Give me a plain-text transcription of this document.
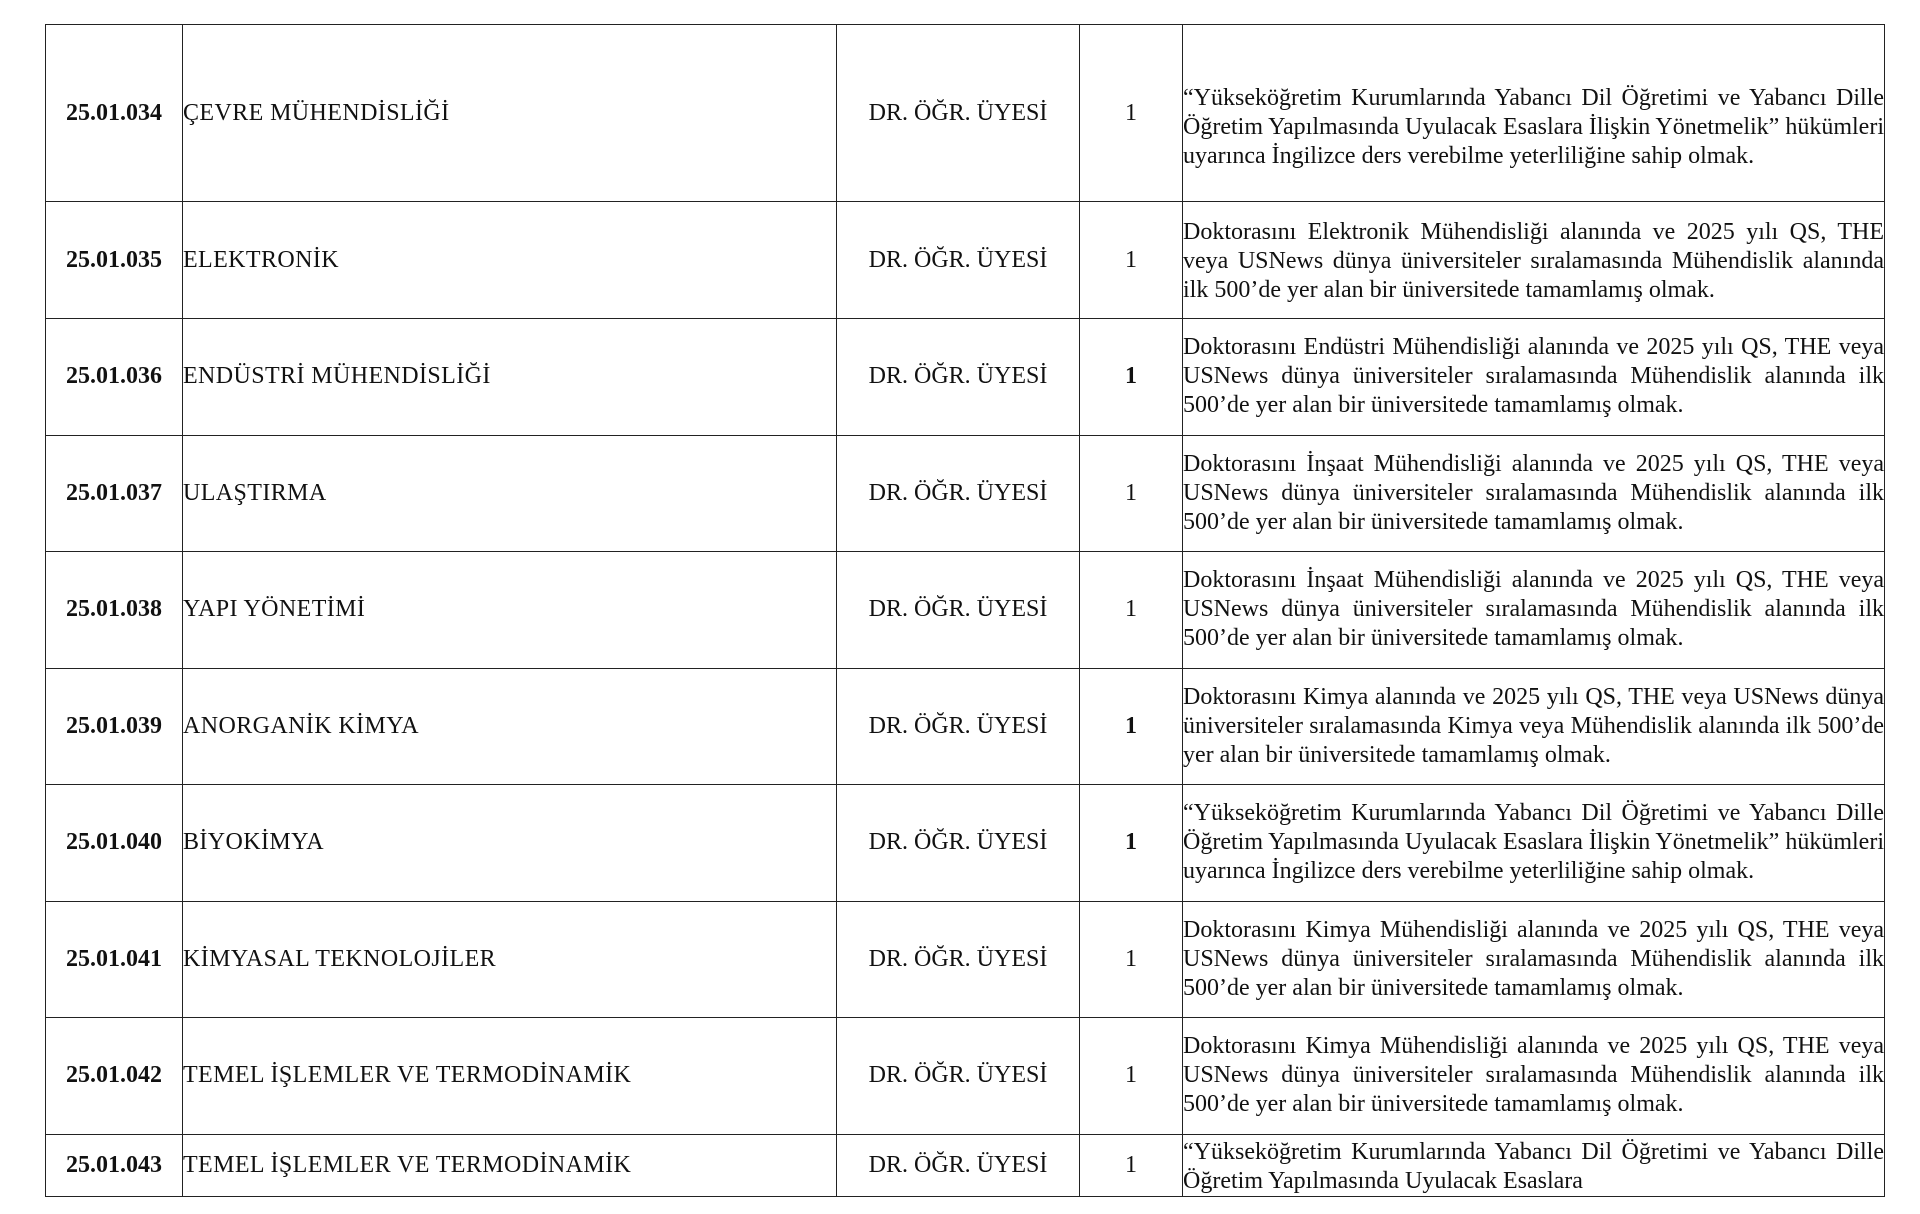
25.01.034	ÇEVRE MÜHENDİSLİĞİ	DR. ÖĞR. ÜYESİ	1	“Yükseköğretim Kurumlarında Yabancı Dil Öğretimi ve Yabancı Dille Öğretim Yapılmasında Uyulacak Esaslara İlişkin Yönetmelik” hükümleri uyarınca İngilizce ders verebilme yeterliliğine sahip olmak.

25.01.035	ELEKTRONİK	DR. ÖĞR. ÜYESİ	1	Doktorasını Elektronik Mühendisliği alanında ve 2025 yılı QS, THE veya USNews dünya üniversiteler sıralamasında Mühendislik alanında ilk 500’de yer alan bir üniversitede tamamlamış olmak.

25.01.036	ENDÜSTRİ MÜHENDİSLİĞİ	DR. ÖĞR. ÜYESİ	1	Doktorasını Endüstri Mühendisliği alanında ve 2025 yılı QS, THE veya USNews dünya üniversiteler sıralamasında Mühendislik alanında ilk 500’de yer alan bir üniversitede tamamlamış olmak.

25.01.037	ULAŞTIRMA	DR. ÖĞR. ÜYESİ	1	Doktorasını İnşaat Mühendisliği alanında ve 2025 yılı QS, THE veya USNews dünya üniversiteler sıralamasında Mühendislik alanında ilk 500’de yer alan bir üniversitede tamamlamış olmak.

25.01.038	YAPI YÖNETİMİ	DR. ÖĞR. ÜYESİ	1	Doktorasını İnşaat Mühendisliği alanında ve 2025 yılı QS, THE veya USNews dünya üniversiteler sıralamasında Mühendislik alanında ilk 500’de yer alan bir üniversitede tamamlamış olmak.

25.01.039	ANORGANİK KİMYA	DR. ÖĞR. ÜYESİ	1	Doktorasını Kimya alanında ve 2025 yılı QS, THE veya USNews dünya üniversiteler sıralamasında Kimya veya Mühendislik alanında ilk 500’de yer alan bir üniversitede tamamlamış olmak.

25.01.040	BİYOKİMYA	DR. ÖĞR. ÜYESİ	1	“Yükseköğretim Kurumlarında Yabancı Dil Öğretimi ve Yabancı Dille Öğretim Yapılmasında Uyulacak Esaslara İlişkin Yönetmelik” hükümleri uyarınca İngilizce ders verebilme yeterliliğine sahip olmak.

25.01.041	KİMYASAL TEKNOLOJİLER	DR. ÖĞR. ÜYESİ	1	Doktorasını Kimya Mühendisliği alanında ve 2025 yılı QS, THE veya USNews dünya üniversiteler sıralamasında Mühendislik alanında ilk 500’de yer alan bir üniversitede tamamlamış olmak.

25.01.042	TEMEL İŞLEMLER VE TERMODİNAMİK	DR. ÖĞR. ÜYESİ	1	Doktorasını Kimya Mühendisliği alanında ve 2025 yılı QS, THE veya USNews dünya üniversiteler sıralamasında Mühendislik alanında ilk 500’de yer alan bir üniversitede tamamlamış olmak.

25.01.043	TEMEL İŞLEMLER VE TERMODİNAMİK	DR. ÖĞR. ÜYESİ	1	“Yükseköğretim Kurumlarında Yabancı Dil Öğretimi ve Yabancı Dille Öğretim Yapılmasında Uyulacak Esaslara
